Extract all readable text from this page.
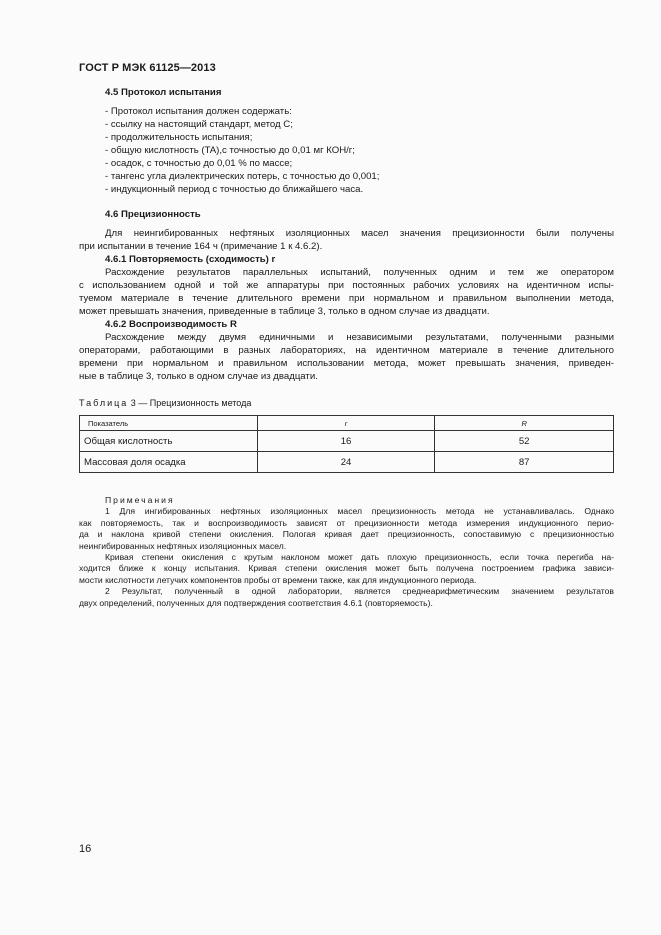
ГОСТ Р МЭК 61125—2013
4.5 Протокол испытания
- Протокол испытания должен содержать:
- ссылку на настоящий стандарт, метод C;
- продолжительность испытания;
- общую кислотность (TA),с точностью до 0,01 мг КОН/г;
- осадок, с точностью до 0,01 % по массе;
- тангенс угла диэлектрических потерь, с точностью до 0,001;
- индукционный период с точностью до ближайшего часа.
4.6 Прецизионность
Для неингибированных нефтяных изоляционных масел значения прецизионности были получены
при испытании в течение 164 ч (примечание 1 к 4.6.2).
4.6.1 Повторяемость (сходимость) r
Расхождение результатов параллельных испытаний, полученных одним и тем же оператором
с использованием одной и той же аппаратуры при постоянных рабочих условиях на идентичном испы-
туемом материале в течение длительного времени при нормальном и правильном выполнении метода,
может превышать значения, приведенные в таблице 3, только в одном случае из двадцати.
4.6.2 Воспроизводимость R
Расхождение между двумя единичными и независимыми результатами, полученными разными
операторами, работающими в разных лабораториях, на идентичном материале в течение длительного
времени при нормальном и правильном использовании метода, может превышать значения, приведен-
ные в таблице 3, только в одном случае из двадцати.
Таблица 3 — Прецизионность метода
Показатель	r	R
Общая кислотность	16	52
Массовая доля осадка	24	87
Примечания
1 Для ингибированных нефтяных изоляционных масел прецизионность метода не устанавливалась. Однако
как повторяемость, так и воспроизводимость зависят от прецизионности метода измерения индукционного перио-
да и наклона кривой степени окисления. Пологая кривая дает прецизионность, сопоставимую с прецизионностью
неингибированных нефтяных изоляционных масел.
Кривая степени окисления с крутым наклоном может дать плохую прецизионность, если точка перегиба на-
ходится ближе к концу испытания. Кривая степени окисления может быть получена построением графика зависи-
мости кислотности летучих компонентов пробы от времени также, как для индукционного периода.
2 Результат, полученный в одной лаборатории, является среднеарифметическим значением результатов
двух определений, полученных для подтверждения соответствия 4.6.1 (повторяемость).
16
